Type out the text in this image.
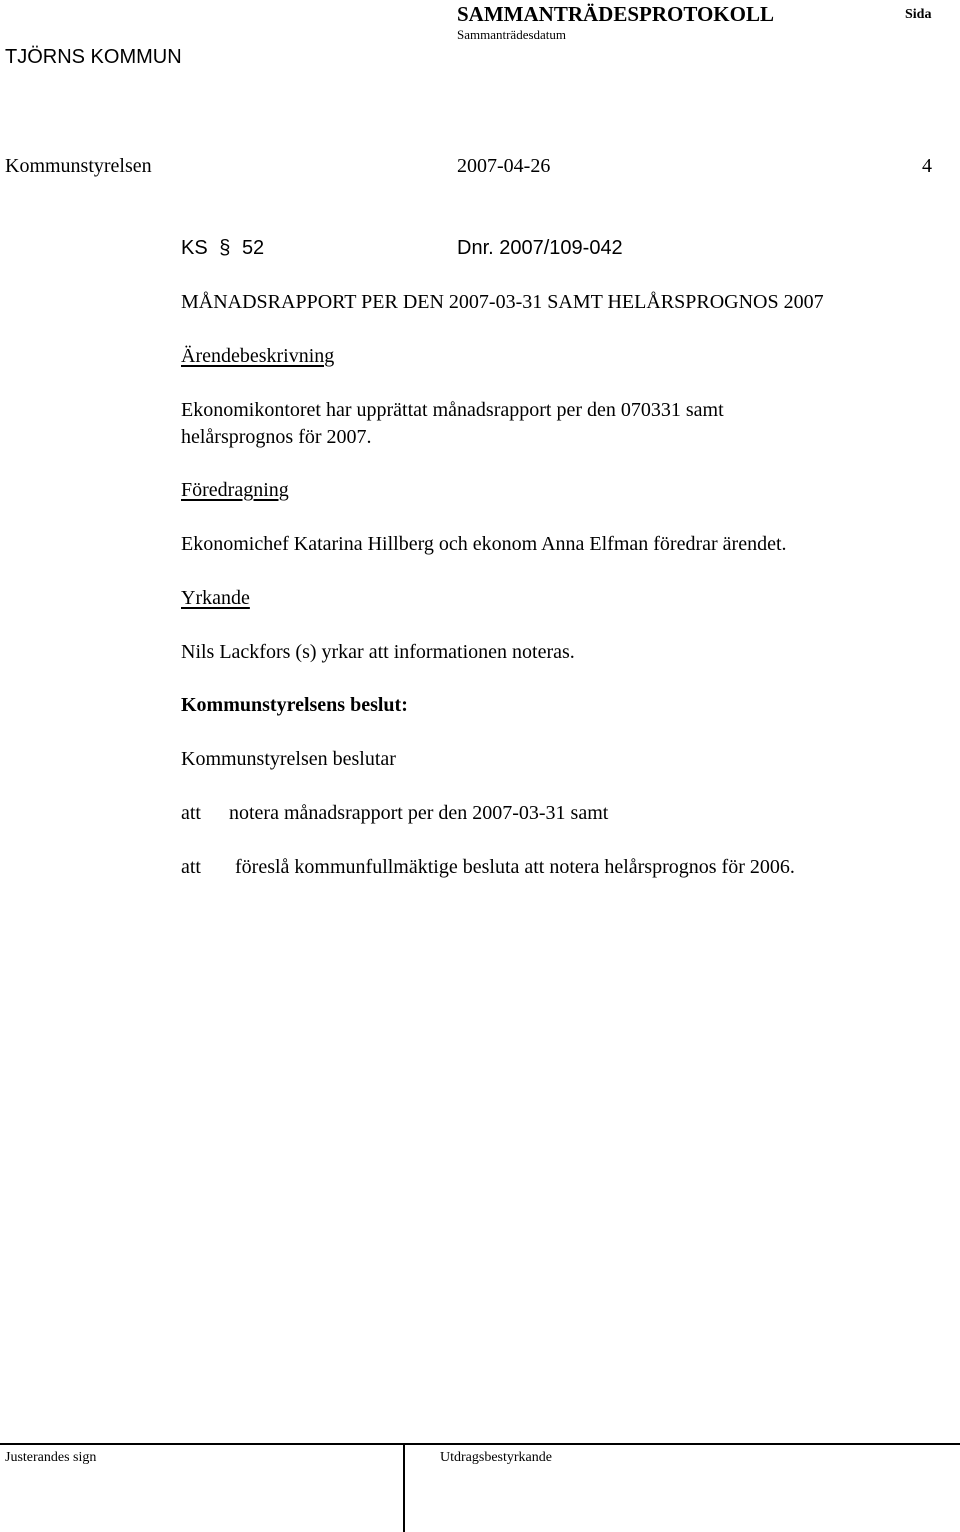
TJÖRNS KOMMUN
SAMMANTRÄDESPROTOKOLL
Sammanträdesdatum
Sida
Kommunstyrelsen	2007-04-26	4
KS § 52	Dnr. 2007/109-042
MÅNADSRAPPORT PER DEN 2007-03-31 SAMT HELÅRSPROGNOS 2007
Ärendebeskrivning
Ekonomikontoret har upprättat månadsrapport per den 070331 samt
helårsprognos för 2007.
Föredragning
Ekonomichef Katarina Hillberg och ekonom Anna Elfman föredrar ärendet.
Yrkande
Nils Lackfors (s) yrkar att informationen noteras.
Kommunstyrelsens beslut:
Kommunstyrelsen beslutar
att notera månadsrapport per den 2007-03-31 samt
att föreslå kommunfullmäktige besluta att notera helårsprognos för 2006.
Justerandes sign	Utdragsbestyrkande
